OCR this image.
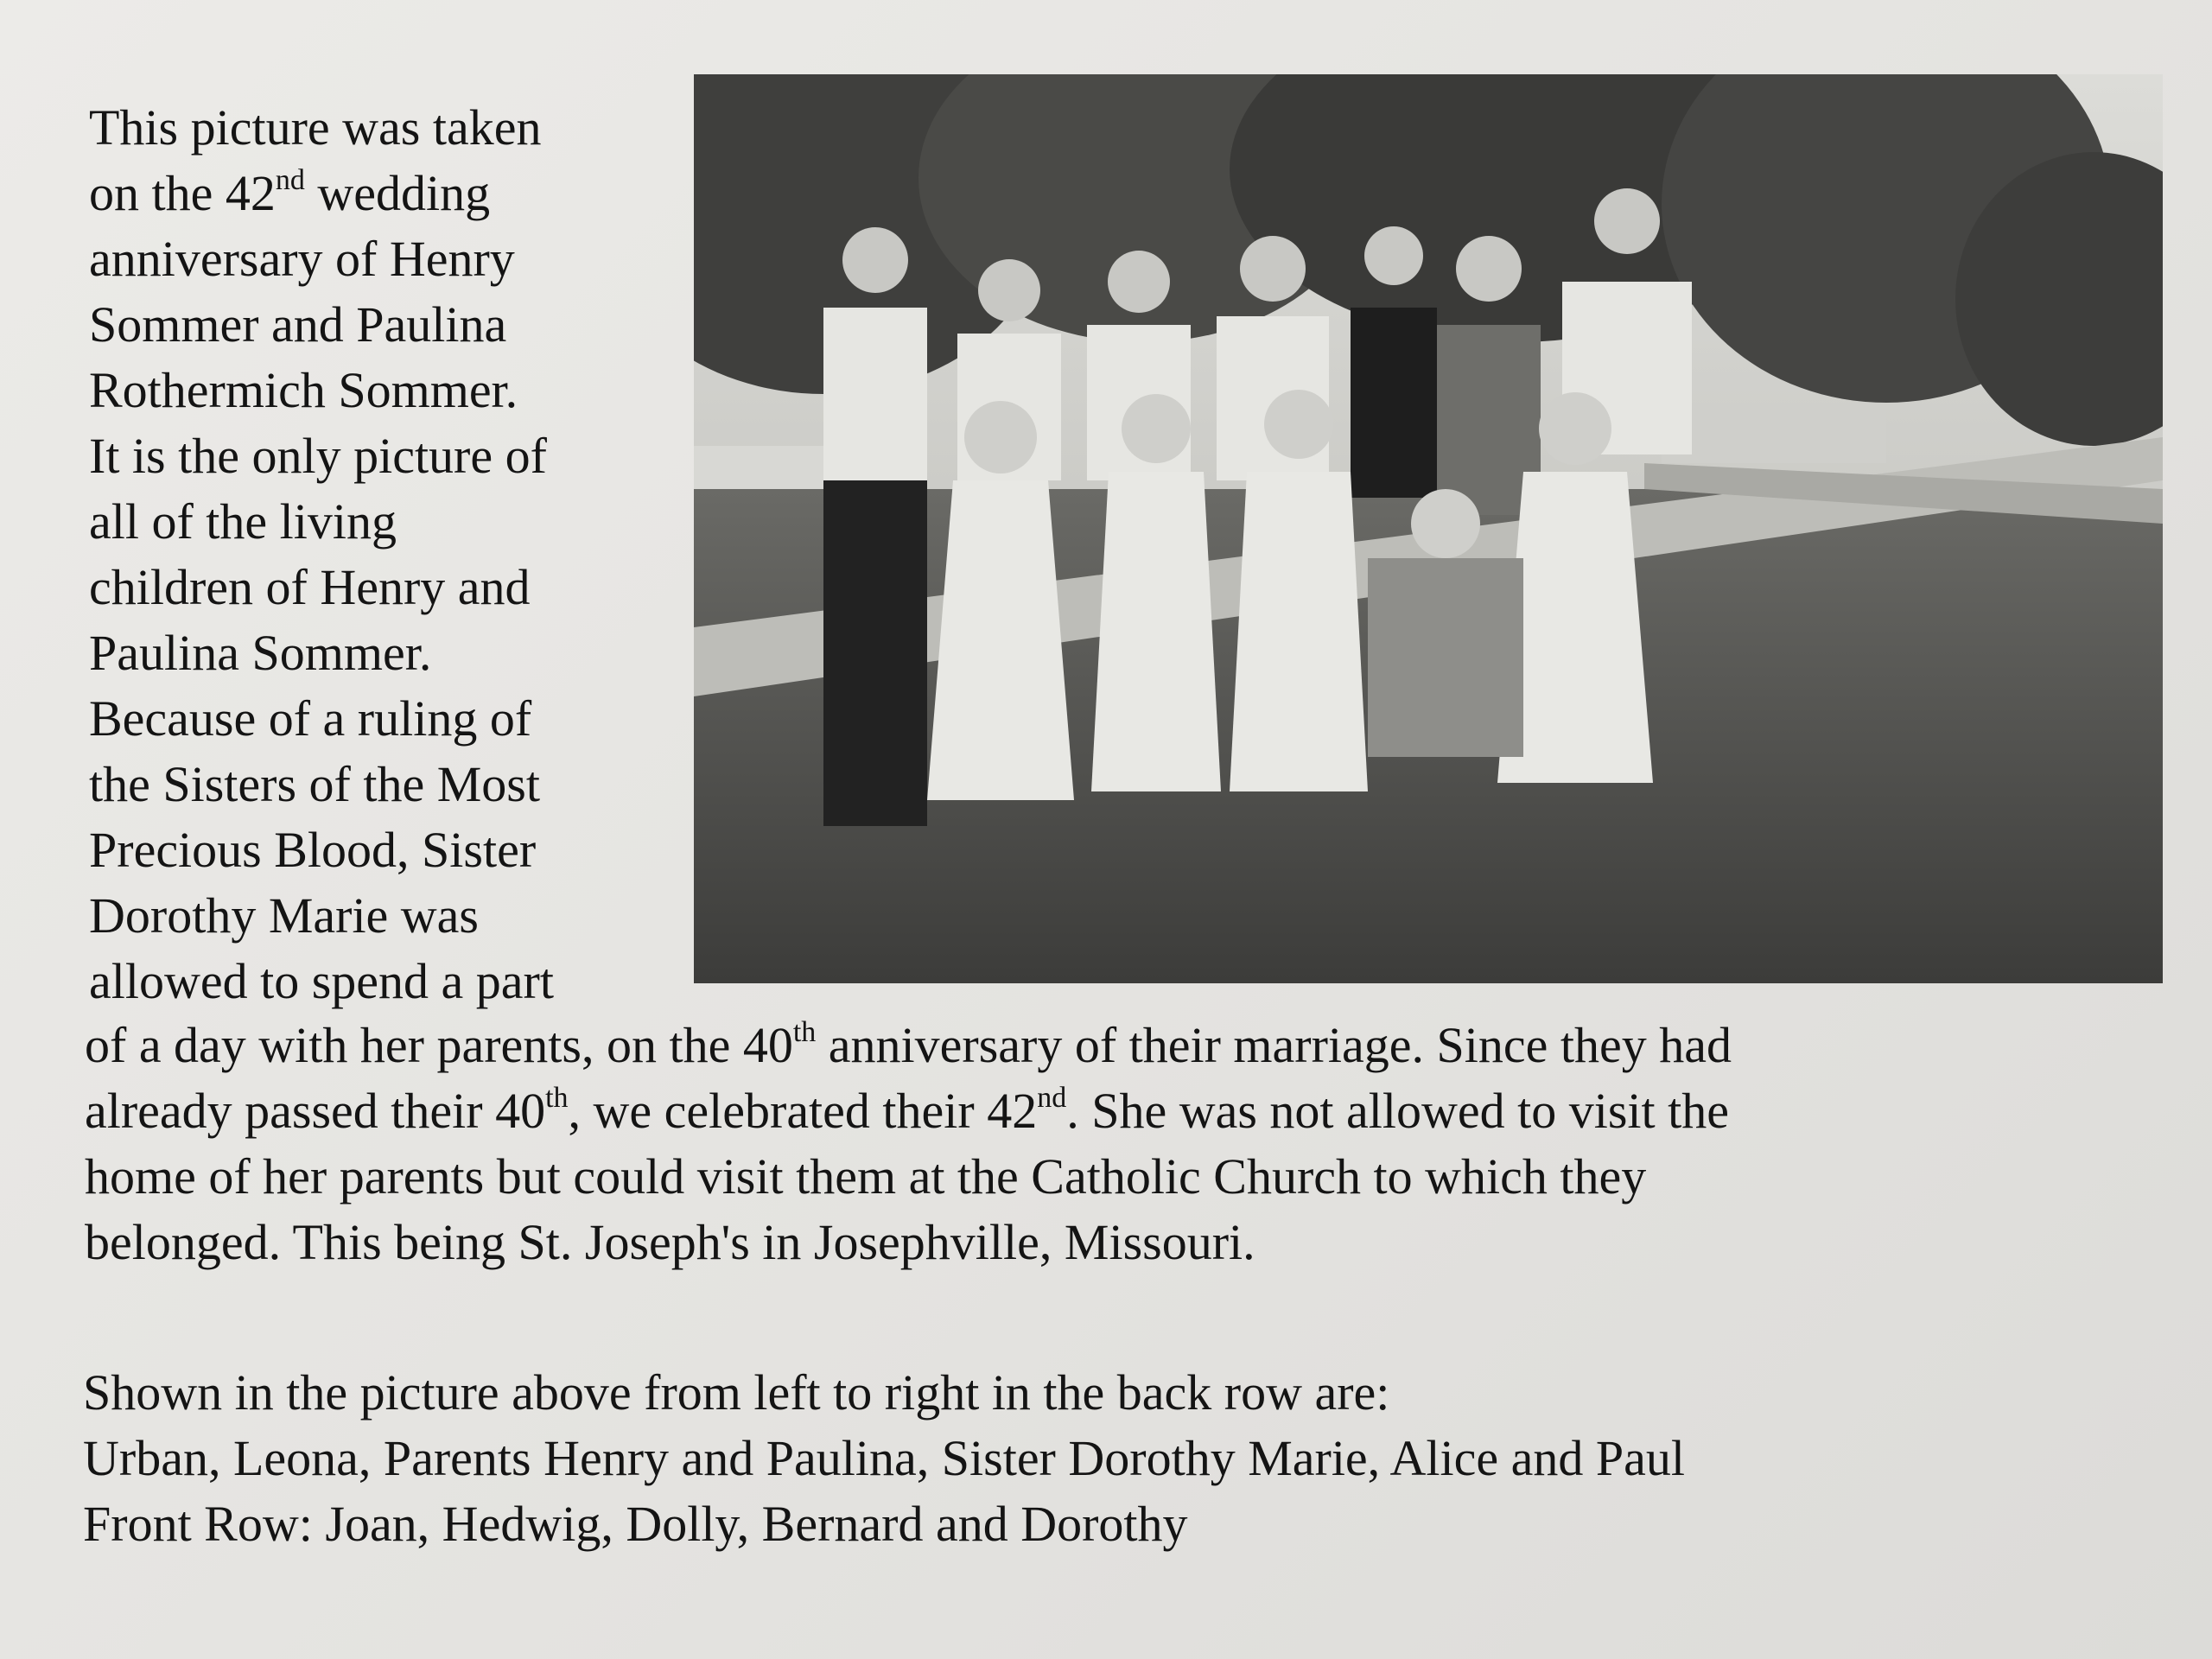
This picture was taken
on the 42nd wedding
anniversary of Henry
Sommer and Paulina
Rothermich Sommer.
It is the only picture of
all of the living
children of Henry and
Paulina Sommer.
Because of a ruling of
the Sisters of the Most
Precious Blood, Sister
Dorothy Marie was
allowed to spend a part

of a day with her parents, on the 40th anniversary of their marriage. Since they had
already passed their 40th, we celebrated their 42nd. She was not allowed to visit the
home of her parents but could visit them at the Catholic Church to which they
belonged. This being St. Joseph's in Josephville, Missouri.

Shown in the picture above from left to right in the back row are:
Urban, Leona, Parents Henry and Paulina, Sister Dorothy Marie, Alice and Paul
Front Row: Joan, Hedwig, Dolly, Bernard and Dorothy
